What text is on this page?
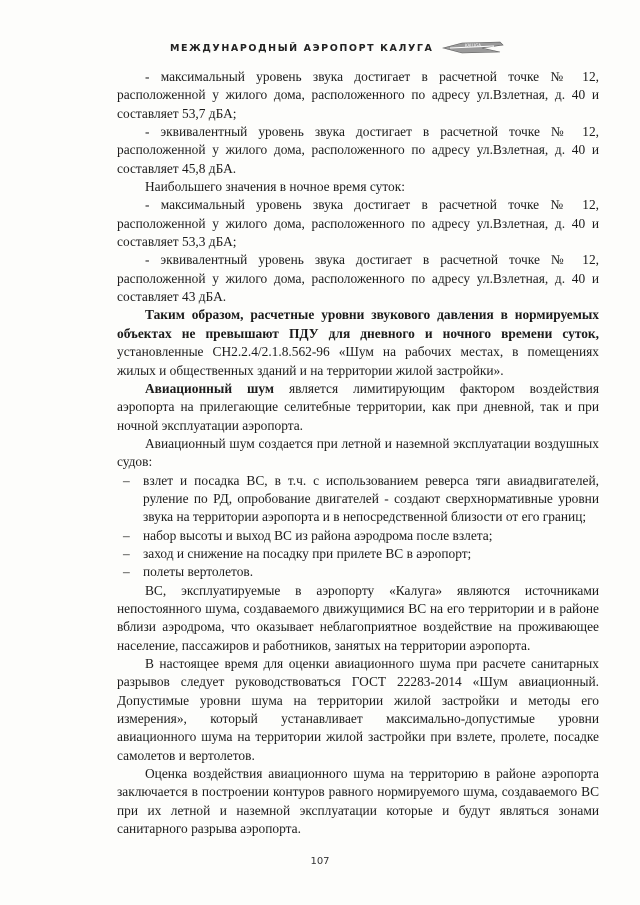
МЕЖДУНАРОДНЫЙ АЭРОПОРТ КАЛУГА	KALUGA

- максимальный уровень звука достигает в расчетной точке № 12, расположенной у жилого дома, расположенного по адресу ул.Взлетная, д. 40 и составляет 53,7 дБА;

- эквивалентный уровень звука достигает в расчетной точке № 12, расположенной у жилого дома, расположенного по адресу ул.Взлетная, д. 40 и составляет 45,8 дБА.

Наибольшего значения в ночное время суток:

- максимальный уровень звука достигает в расчетной точке № 12, расположенной у жилого дома, расположенного по адресу ул.Взлетная, д. 40 и составляет 53,3 дБА;

- эквивалентный уровень звука достигает в расчетной точке № 12, расположенной у жилого дома, расположенного по адресу ул.Взлетная, д. 40 и составляет 43 дБА.

Таким образом, расчетные уровни звукового давления в нормируемых объектах не превышают ПДУ для дневного и ночного времени суток, установленные СН2.2.4/2.1.8.562-96 «Шум на рабочих местах, в помещениях жилых и общественных зданий и на территории жилой застройки».

Авиационный шум является лимитирующим фактором воздействия аэропорта на прилегающие селитебные территории, как при дневной, так и при ночной эксплуатации аэропорта.

Авиационный шум создается при летной и наземной эксплуатации воздушных судов:

– взлет и посадка ВС, в т.ч. с использованием реверса тяги авиадвигателей, руление по РД, опробование двигателей - создают сверхнормативные уровни звука на территории аэропорта и в непосредственной близости от его границ;
– набор высоты и выход ВС из района аэродрома после взлета;
– заход и снижение на посадку при прилете ВС в аэропорт;
– полеты вертолетов.

ВС, эксплуатируемые в аэропорту «Калуга» являются источниками непостоянного шума, создаваемого движущимися ВС на его территории и в районе вблизи аэродрома, что оказывает неблагоприятное воздействие на проживающее население, пассажиров и работников, занятых на территории аэропорта.

В настоящее время для оценки авиационного шума при расчете санитарных разрывов следует руководствоваться ГОСТ 22283-2014 «Шум авиационный. Допустимые уровни шума на территории жилой застройки и методы его измерения», который устанавливает максимально-допустимые уровни авиационного шума на территории жилой застройки при взлете, пролете, посадке самолетов и вертолетов.

Оценка воздействия авиационного шума на территорию в районе аэропорта заключается в построении контуров равного нормируемого шума, создаваемого ВС при их летной и наземной эксплуатации которые и будут являться зонами санитарного разрыва аэропорта.

107
